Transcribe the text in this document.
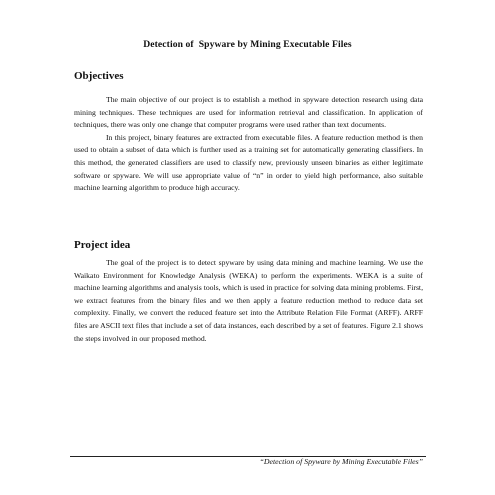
Detection of  Spyware by Mining Executable Files
Objectives

The main objective of our project is to establish a method in spyware detection research using data mining techniques. These techniques are used for information retrieval and classification. In application of techniques, there was only one change that computer programs were used rather than text documents.

In this project, binary features are extracted from executable files. A feature reduction method is then used to obtain a subset of data which is further used as a training set for automatically generating classifiers. In this method, the generated classifiers are used to classify new, previously unseen binaries as either legitimate software or spyware. We will use appropriate value of “n” in order to yield high performance, also suitable machine learning algorithm to produce high accuracy.

Project idea

The goal of the project is to detect spyware by using data mining and machine learning. We use the Waikato Environment for Knowledge Analysis (WEKA) to perform the experiments. WEKA is a suite of machine learning algorithms and analysis tools, which is used in practice for solving data mining problems. First, we extract features from the binary files and we then apply a feature reduction method to reduce data set complexity. Finally, we convert the reduced feature set into the Attribute Relation File Format (ARFF). ARFF files are ASCII text files that include a set of data instances, each described by a set of features. Figure 2.1 shows the steps involved in our proposed method.

“Detection of Spyware by Mining Executable Files”
